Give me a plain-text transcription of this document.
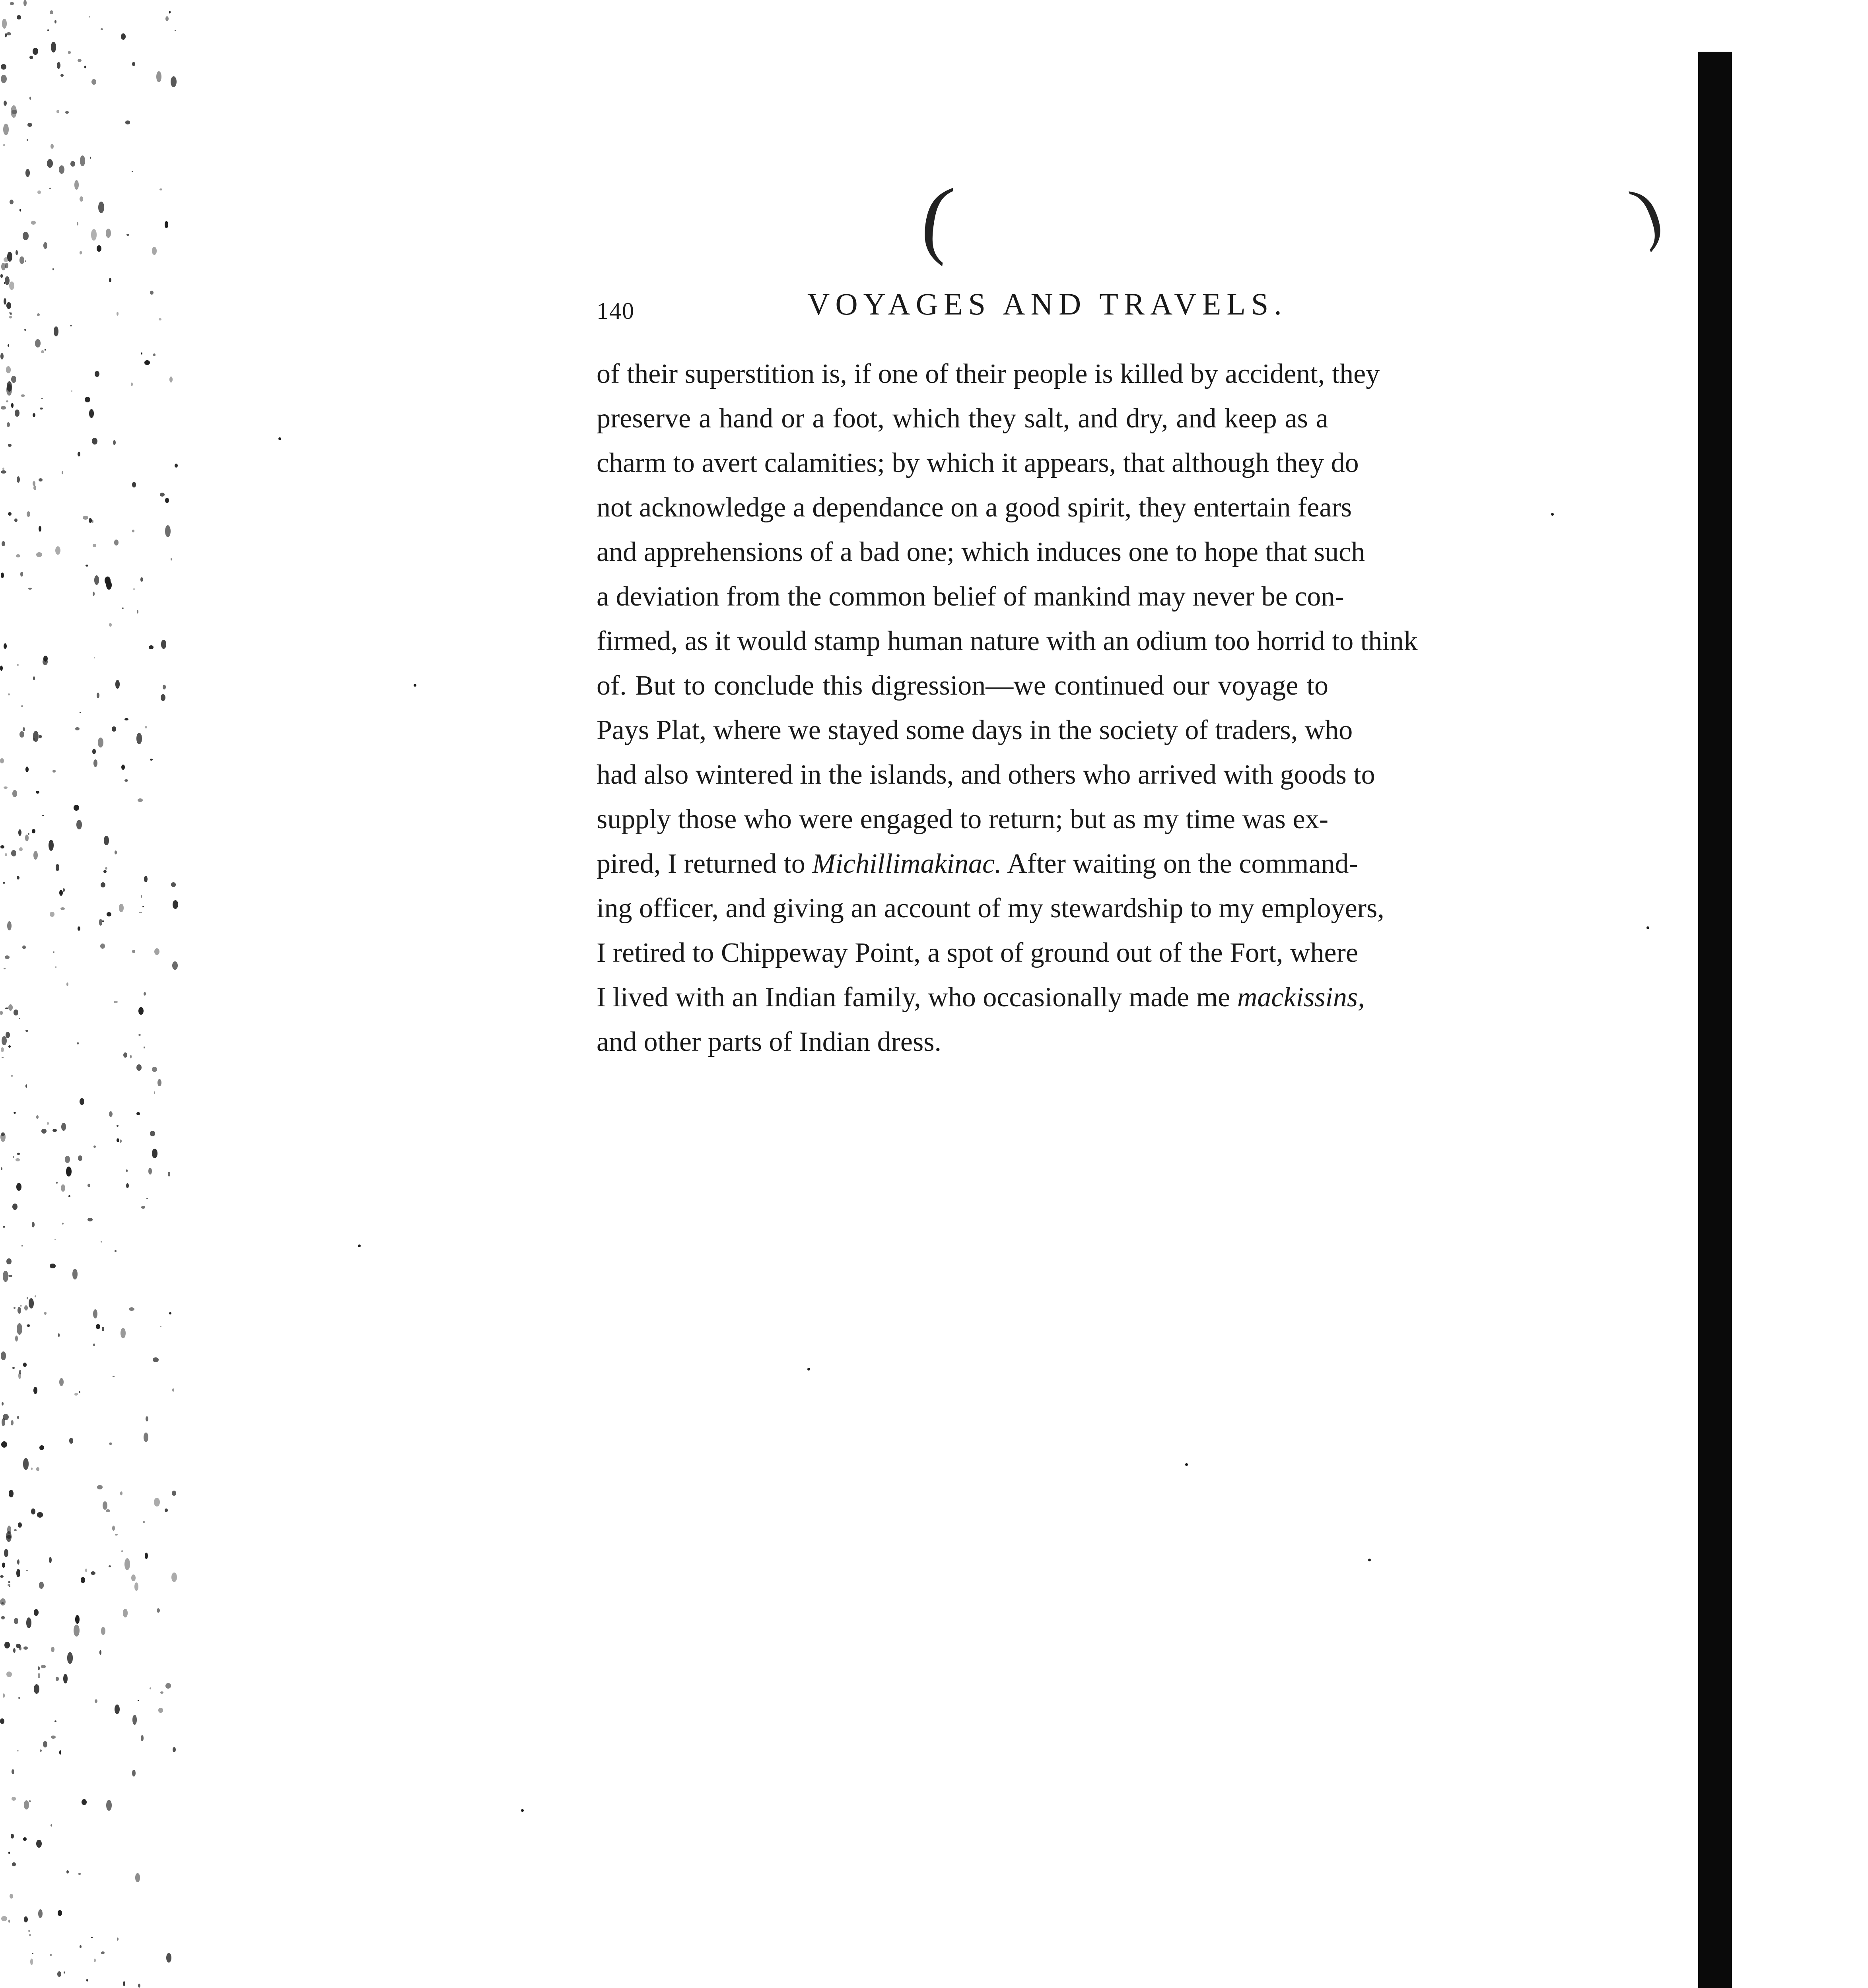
(	)
140	VOYAGES AND TRAVELS.
of their superstition is, if one of their people is killed by accident, they
preserve a hand or a foot, which they salt, and dry, and keep as a
charm to avert calamities; by which it appears, that although they do
not acknowledge a dependance on a good spirit, they entertain fears
and apprehensions of a bad one; which induces one to hope that such
a deviation from the common belief of mankind may never be con-
firmed, as it would stamp human nature with an odium too horrid to think
of. But to conclude this digression—we continued our voyage to
Pays Plat, where we stayed some days in the society of traders, who
had also wintered in the islands, and others who arrived with goods to
supply those who were engaged to return; but as my time was ex-
pired, I returned to Michillimakinac. After waiting on the command-
ing officer, and giving an account of my stewardship to my employers,
I retired to Chippeway Point, a spot of ground out of the Fort, where
I lived with an Indian family, who occasionally made me mackissins,
and other parts of Indian dress.
